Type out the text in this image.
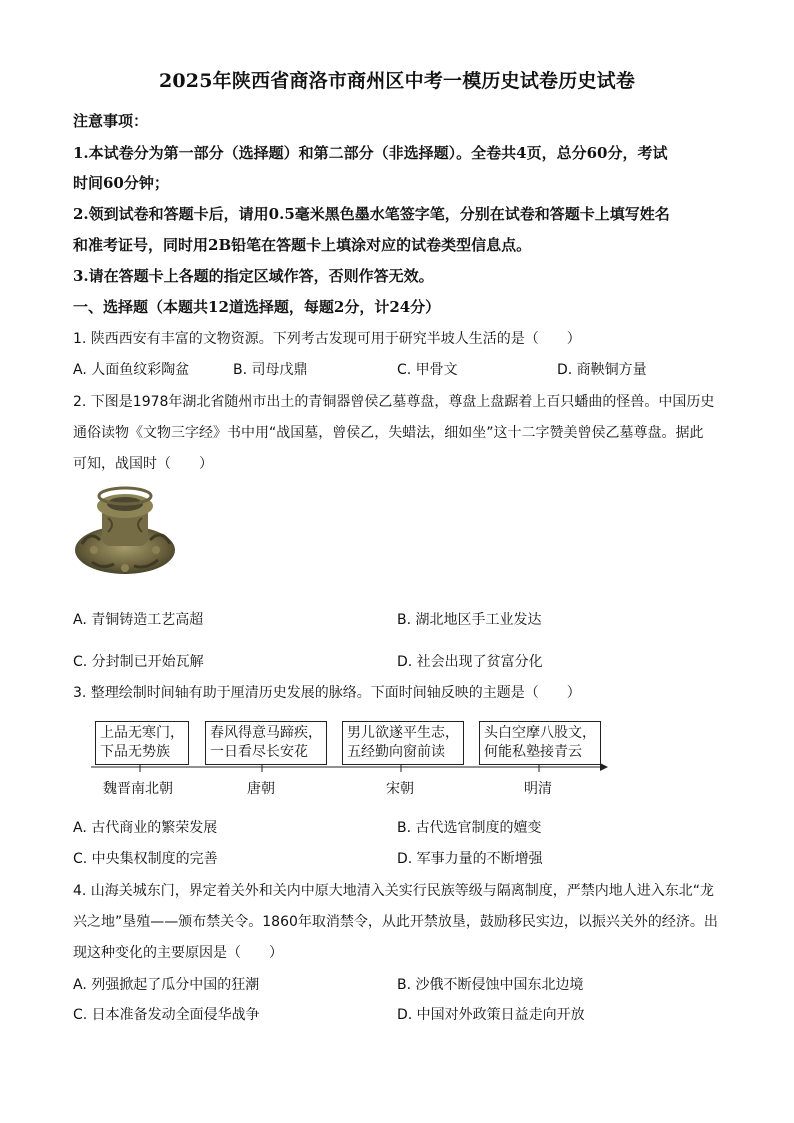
2025年陕西省商洛市商州区中考一模历史试卷历史试卷
注意事项：
1.本试卷分为第一部分（选择题）和第二部分（非选择题）。全卷共4页，总分60分，考试
时间60分钟；
2.领到试卷和答题卡后，请用0.5毫米黑色墨水笔签字笔，分别在试卷和答题卡上填写姓名
和准考证号，同时用2B铅笔在答题卡上填涂对应的试卷类型信息点。
3.请在答题卡上各题的指定区域作答，否则作答无效。
一、选择题（本题共12道选择题，每题2分，计24分）
1. 陕西西安有丰富的文物资源。下列考古发现可用于研究半坡人生活的是（　　）
A. 人面鱼纹彩陶盆	B. 司母戊鼎	C. 甲骨文	D. 商鞅铜方量
2. 下图是1978年湖北省随州市出土的青铜器曾侯乙墓尊盘，尊盘上盘踞着上百只蟠曲的怪兽。中国历史
通俗读物《文物三字经》书中用“战国墓，曾侯乙，失蜡法，细如坐”这十二字赞美曾侯乙墓尊盘。据此
可知，战国时（　　）
A. 青铜铸造工艺高超	B. 湖北地区手工业发达
C. 分封制已开始瓦解	D. 社会出现了贫富分化
3. 整理绘制时间轴有助于厘清历史发展的脉络。下面时间轴反映的主题是（　　）
上品无寒门，
下品无势族
春风得意马蹄疾，
一日看尽长安花
男儿欲遂平生志，
五经勤向窗前读
头白空摩八股文，
何能私塾接青云
魏晋南北朝	唐朝	宋朝	明清
A. 古代商业的繁荣发展	B. 古代选官制度的嬗变
C. 中央集权制度的完善	D. 军事力量的不断增强
4. 山海关城东门，界定着关外和关内中原大地清入关实行民族等级与隔离制度，严禁内地人进入东北“龙
兴之地”垦殖——颁布禁关令。1860年取消禁令，从此开禁放垦，鼓励移民实边，以振兴关外的经济。出
现这种变化的主要原因是（　　）
A. 列强掀起了瓜分中国的狂潮	B. 沙俄不断侵蚀中国东北边境
C. 日本准备发动全面侵华战争	D. 中国对外政策日益走向开放
